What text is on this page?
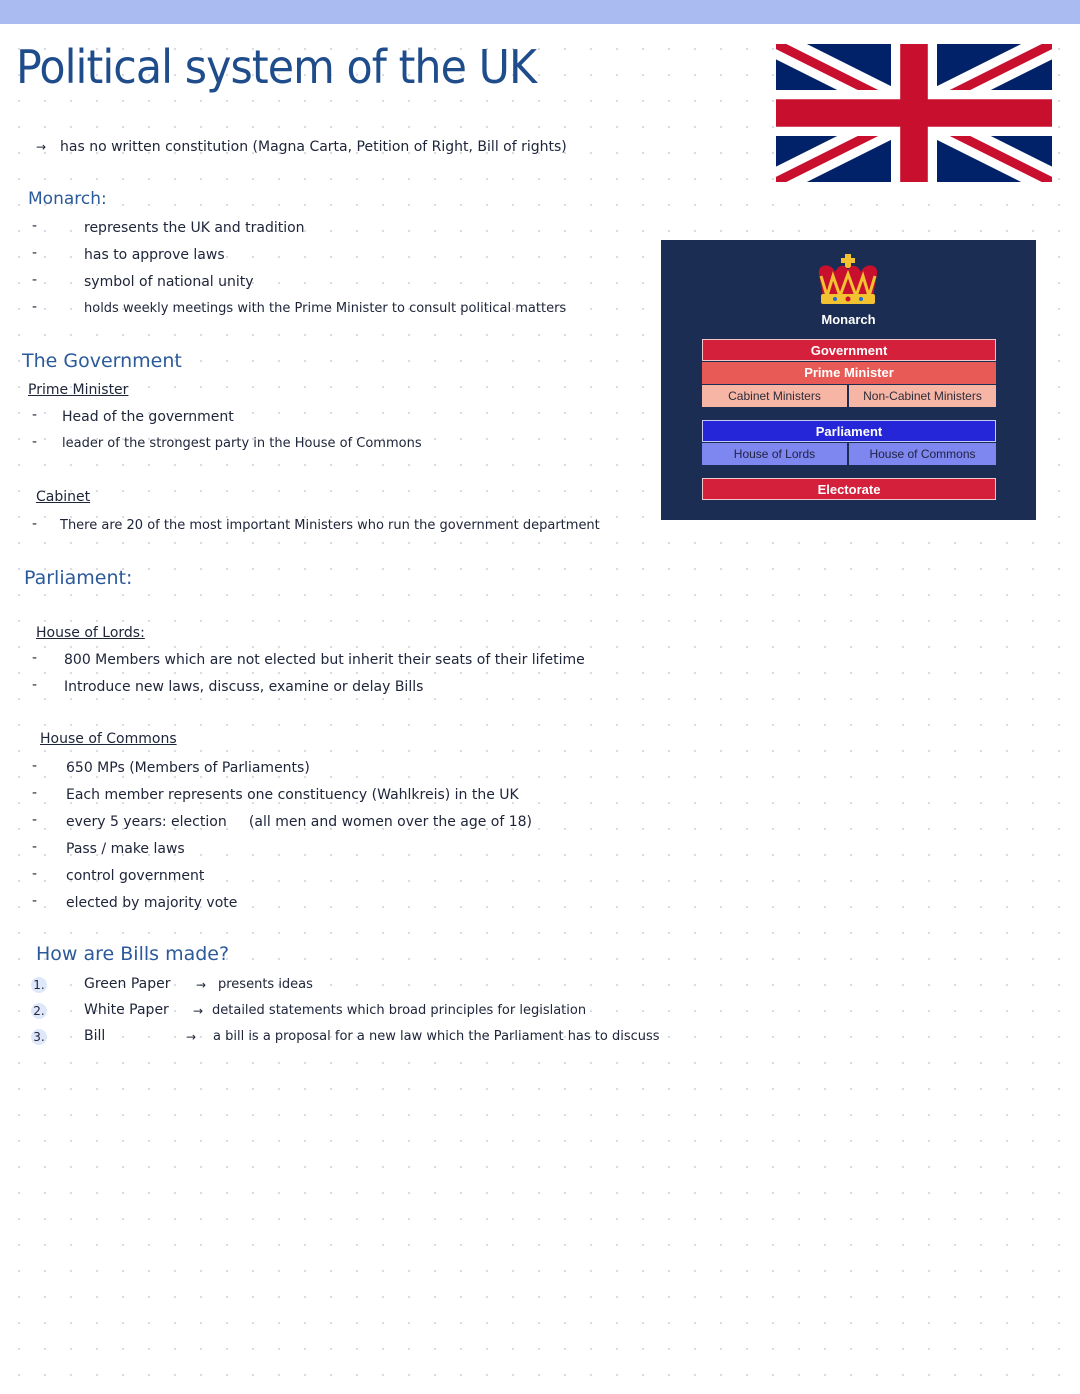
Political system of the UK
→ has no written constitution (Magna Carta, Petition of Right, Bill of rights)
Monarch:
-	represents the UK and tradition
-	has to approve laws
-	symbol of national unity
-	holds weekly meetings with the Prime Minister to consult political matters
The Government
Prime Minister
- Head of the government
- leader of the strongest party in the House of Commons
Cabinet
- There are 20 of the most important Ministers who run the government department
Parliament:
House of Lords:
- 800 Members which are not elected but inherit their seats of their lifetime
- Introduce new laws, discuss, examine or delay Bills
House of Commons
- 650 MPs (Members of Parliaments)
- Each member represents one constituency (Wahlkreis) in the UK
- every 5 years: election     (all men and women over the age of 18)
- Pass / make laws
- control government
- elected by majority vote
How are Bills made?
1.	Green Paper → presents ideas
2.	White Paper → detailed statements which broad principles for legislation
3.	Bill	→ a bill is a proposal for a new law which the Parliament has to discuss
Monarch
Government
Prime Minister
Cabinet Ministers	Non-Cabinet Ministers
Parliament
House of Lords	House of Commons
Electorate
